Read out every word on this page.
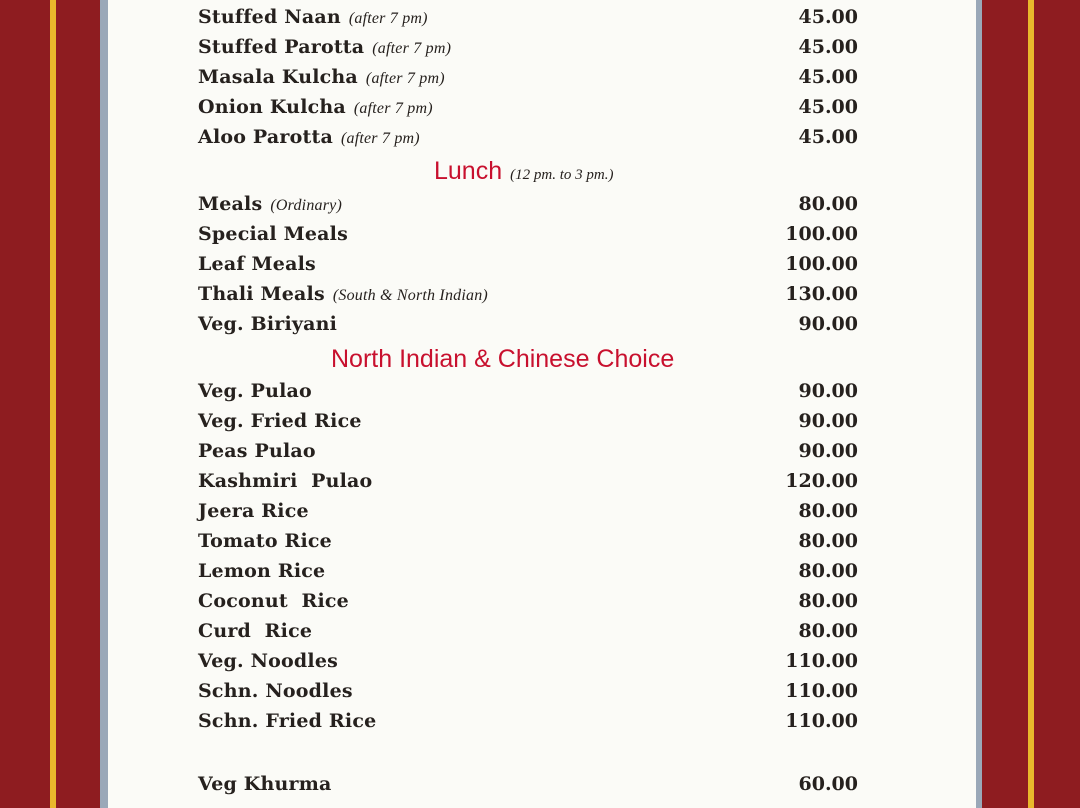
Stuffed Naan (after 7 pm)	45.00
Stuffed Parotta (after 7 pm)	45.00
Masala Kulcha (after 7 pm)	45.00
Onion Kulcha (after 7 pm)	45.00
Aloo Parotta (after 7 pm)	45.00
Lunch (12 pm. to 3 pm.)
Meals (Ordinary)	80.00
Special Meals	100.00
Leaf Meals	100.00
Thali Meals (South & North Indian)	130.00
Veg. Biriyani	90.00
North Indian & Chinese Choice
Veg. Pulao	90.00
Veg. Fried Rice	90.00
Peas Pulao	90.00
Kashmiri  Pulao	120.00
Jeera Rice	80.00
Tomato Rice	80.00
Lemon Rice	80.00
Coconut  Rice	80.00
Curd  Rice	80.00
Veg. Noodles	110.00
Schn. Noodles	110.00
Schn. Fried Rice	110.00
Veg Khurma	60.00
